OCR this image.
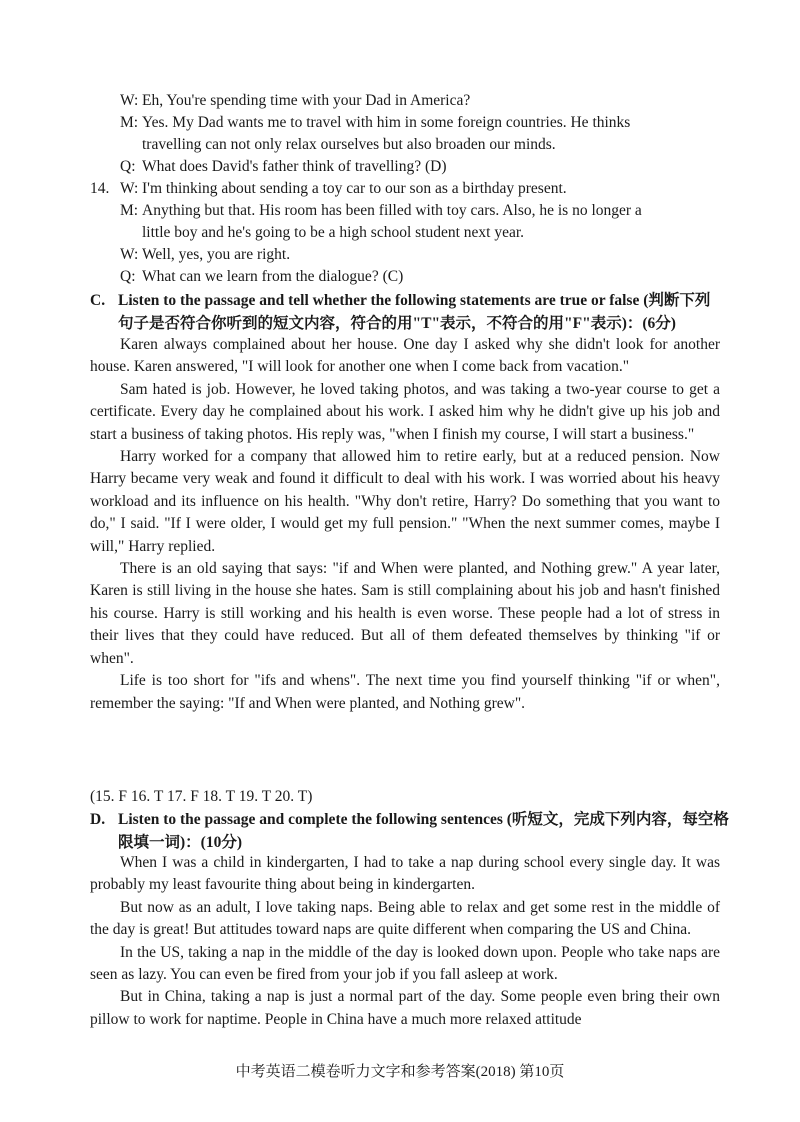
W: Eh, You're spending time with your Dad in America?
M: Yes. My Dad wants me to travel with him in some foreign countries. He thinks
travelling can not only relax ourselves but also broaden our minds.
Q: What does David's father think of travelling? (D)
14. W: I'm thinking about sending a toy car to our son as a birthday present.
M: Anything but that. His room has been filled with toy cars. Also, he is no longer a
little boy and he's going to be a high school student next year.
W: Well, yes, you are right.
Q: What can we learn from the dialogue? (C)
C. Listen to the passage and tell whether the following statements are true or false (判断下列
句子是否符合你听到的短文内容，符合的用"T"表示，不符合的用"F"表示)：(6分)

Karen always complained about her house. One day I asked why she didn't look for another house. Karen answered, "I will look for another one when I come back from vacation."

Sam hated is job. However, he loved taking photos, and was taking a two-year course to get a certificate. Every day he complained about his work. I asked him why he didn't give up his job and start a business of taking photos. His reply was, "when I finish my course, I will start a business."

Harry worked for a company that allowed him to retire early, but at a reduced pension. Now Harry became very weak and found it difficult to deal with his work. I was worried about his heavy workload and its influence on his health. "Why don't retire, Harry? Do something that you want to do," I said. "If I were older, I would get my full pension." "When the next summer comes, maybe I will," Harry replied.

There is an old saying that says: "if and When were planted, and Nothing grew." A year later, Karen is still living in the house she hates. Sam is still complaining about his job and hasn't finished his course. Harry is still working and his health is even worse. These people had a lot of stress in their lives that they could have reduced. But all of them defeated themselves by thinking "if or when".

Life is too short for "ifs and whens". The next time you find yourself thinking "if or when", remember the saying: "If and When were planted, and Nothing grew".

(15. F 16. T 17. F 18. T 19. T 20. T)
D. Listen to the passage and complete the following sentences (听短文，完成下列内容，每空格
限填一词)：(10分)

When I was a child in kindergarten, I had to take a nap during school every single day. It was probably my least favourite thing about being in kindergarten.

But now as an adult, I love taking naps. Being able to relax and get some rest in the middle of the day is great! But attitudes toward naps are quite different when comparing the US and China.

In the US, taking a nap in the middle of the day is looked down upon. People who take naps are seen as lazy. You can even be fired from your job if you fall asleep at work.

But in China, taking a nap is just a normal part of the day. Some people even bring their own pillow to work for naptime. People in China have a much more relaxed attitude

中考英语二模卷听力文字和参考答案(2018) 第10页
